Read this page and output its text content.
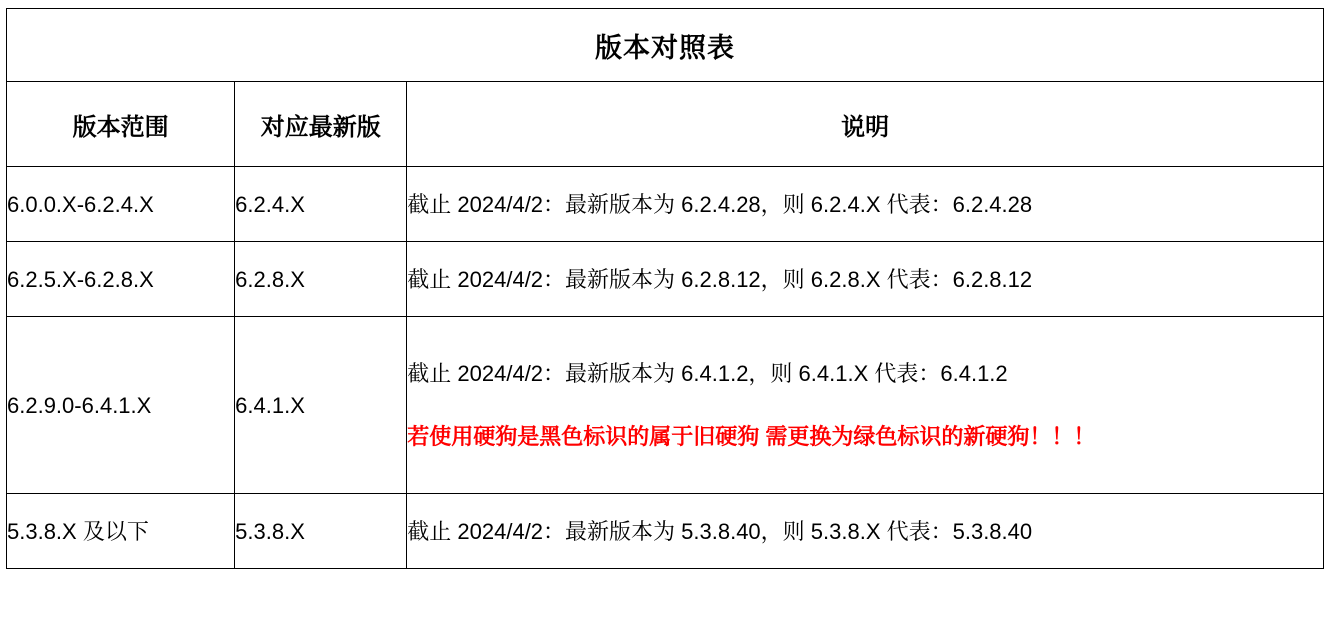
版本对照表		
版本范围	对应最新版	说明
6.0.0.X-6.2.4.X	6.2.4.X	截止 2024/4/2：最新版本为 6.2.4.28，则 6.2.4.X 代表：6.2.4.28

6.2.5.X-6.2.8.X	6.2.8.X	截止 2024/4/2：最新版本为 6.2.8.12，则 6.2.8.X 代表：6.2.8.12

6.2.9.0-6.4.1.X	6.4.1.X	截止 2024/4/2：最新版本为 6.4.1.2，则 6.4.1.X 代表：6.4.1.2
若使用硬狗是黑色标识的属于旧硬狗 需更换为绿色标识的新硬狗！！！

5.3.8.X 及以下	5.3.8.X	截止 2024/4/2：最新版本为 5.3.8.40，则 5.3.8.X 代表：5.3.8.40
